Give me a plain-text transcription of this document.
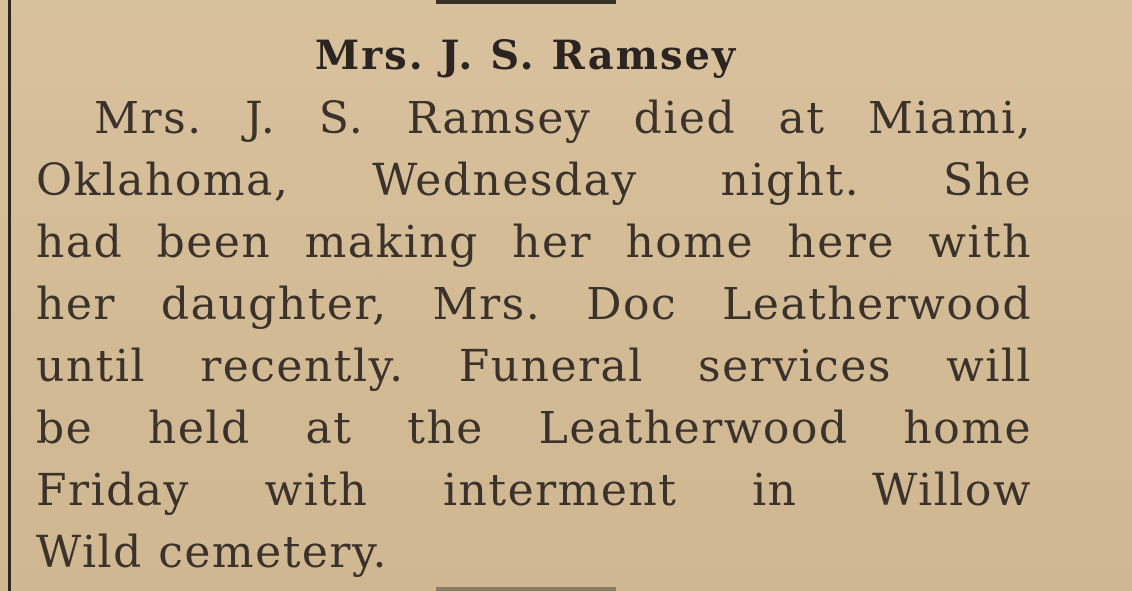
Mrs. J. S. Ramsey
Mrs. J. S. Ramsey died at Miami,
Oklahoma, Wednesday night. She
had been making her home here with
her daughter, Mrs. Doc Leatherwood
until recently. Funeral services will
be held at the Leatherwood home
Friday with interment in Willow
Wild cemetery.
